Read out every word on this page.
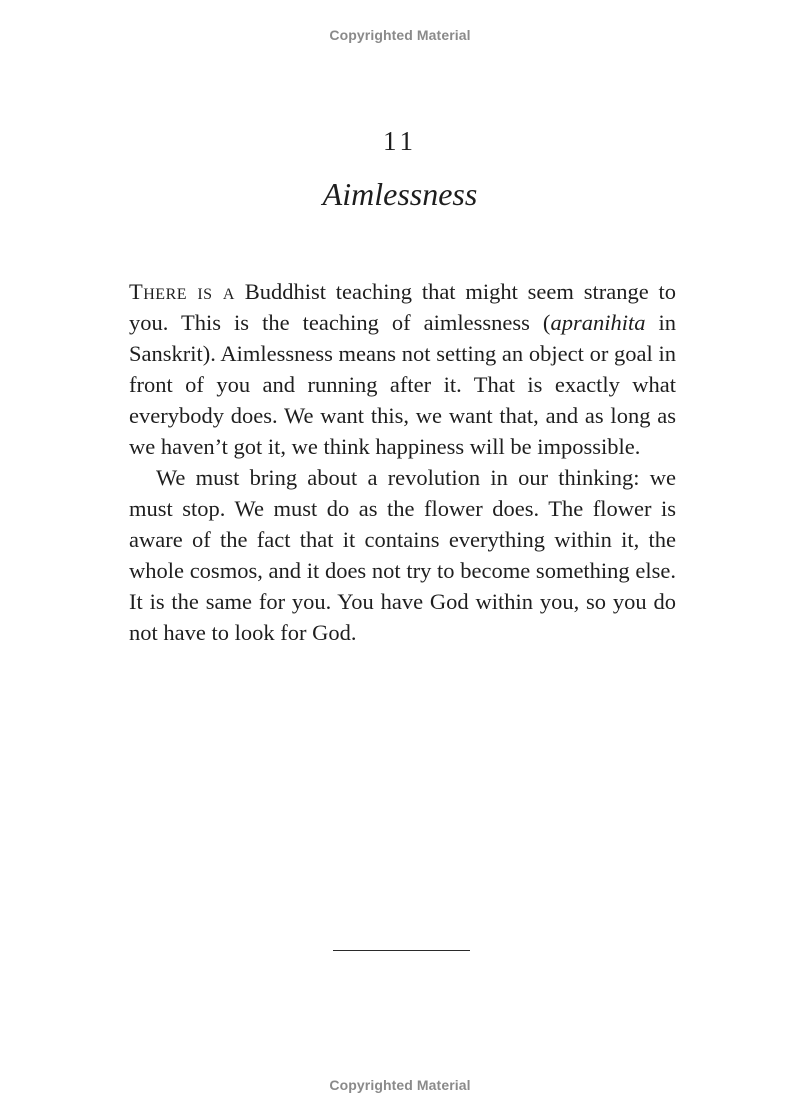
Copyrighted Material
11
Aimlessness

There is a Buddhist teaching that might seem strange to you. This is the teaching of aimlessness (apranihita in Sanskrit). Aimlessness means not setting an object or goal in front of you and running after it. That is exactly what everybody does. We want this, we want that, and as long as we haven’t got it, we think happiness will be impossible.

We must bring about a revolution in our thinking: we must stop. We must do as the flower does. The flower is aware of the fact that it contains everything within it, the whole cosmos, and it does not try to become something else. It is the same for you. You have God within you, so you do not have to look for God.

Copyrighted Material
